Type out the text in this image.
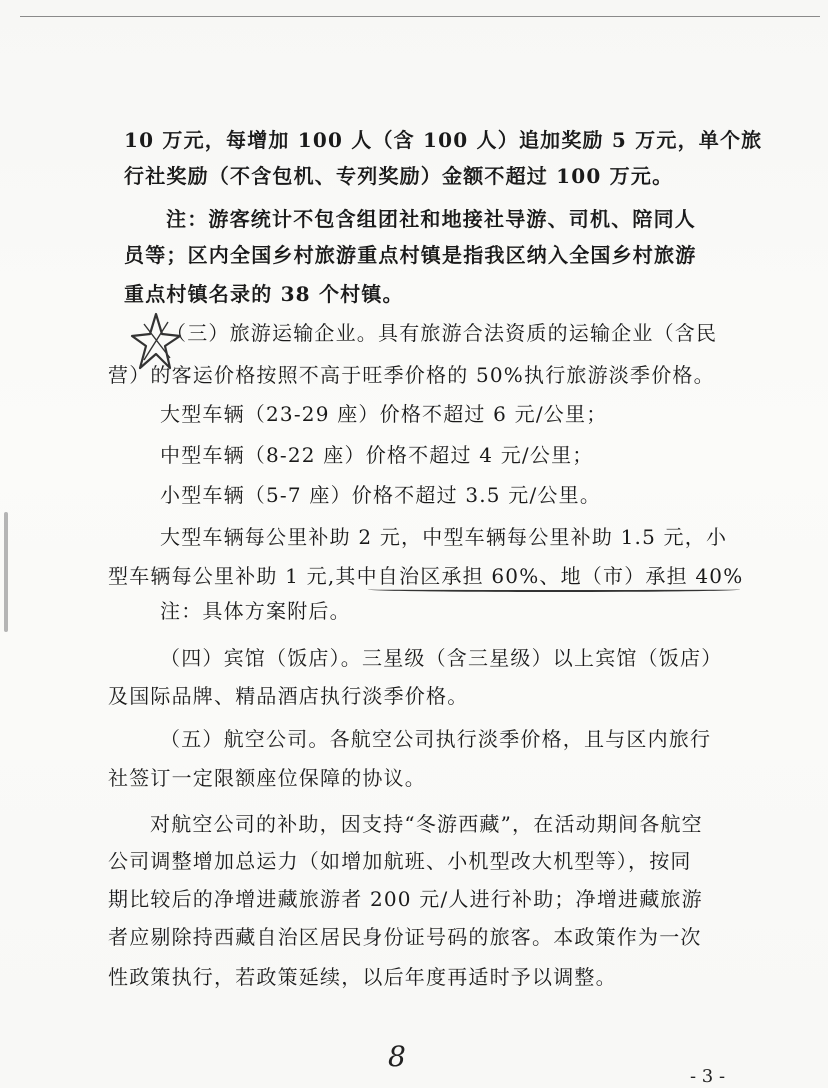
10 万元，每增加 100 人（含 100 人）追加奖励 5 万元，单个旅
行社奖励（不含包机、专列奖励）金额不超过 100 万元。
注：游客统计不包含组团社和地接社导游、司机、陪同人
员等；区内全国乡村旅游重点村镇是指我区纳入全国乡村旅游
重点村镇名录的 38 个村镇。
（三）旅游运输企业。具有旅游合法资质的运输企业（含民
营）的客运价格按照不高于旺季价格的 50%执行旅游淡季价格。
大型车辆（23-29 座）价格不超过 6 元/公里；
中型车辆（8-22 座）价格不超过 4 元/公里；
小型车辆（5-7 座）价格不超过 3.5 元/公里。
大型车辆每公里补助 2 元，中型车辆每公里补助 1.5 元，小
型车辆每公里补助 1 元,其中自治区承担 60%、地（市）承担 40%
注：具体方案附后。
（四）宾馆（饭店）。三星级（含三星级）以上宾馆（饭店）
及国际品牌、精品酒店执行淡季价格。
（五）航空公司。各航空公司执行淡季价格，且与区内旅行
社签订一定限额座位保障的协议。
对航空公司的补助，因支持“冬游西藏”，在活动期间各航空
公司调整增加总运力（如增加航班、小机型改大机型等），按同
期比较后的净增进藏旅游者 200 元/人进行补助；净增进藏旅游
者应剔除持西藏自治区居民身份证号码的旅客。本政策作为一次
性政策执行，若政策延续，以后年度再适时予以调整。
8
- 3 -
